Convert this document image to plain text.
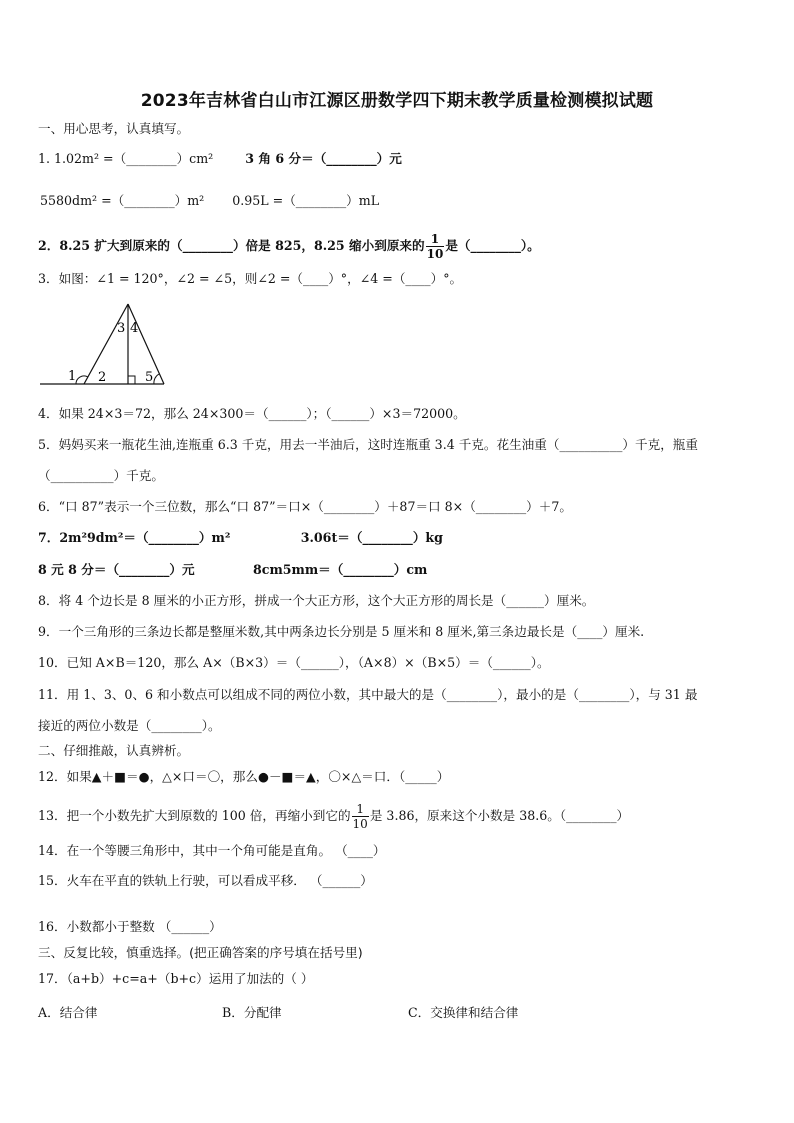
2023年吉林省白山市江源区册数学四下期末教学质量检测模拟试题
一、用心思考，认真填写。
1. 1.02m² =（________）cm²	3 角 6 分＝（________）元
5580dm² =（________）m² 0.95L =（________）mL
2．8.25 扩大到原来的（________）倍是 825，8.25 缩小到原来的 $\frac{1}{10}$ 是（________）。
3．如图：∠1 = 120°，∠2 = ∠5，则∠2 =（____）°，∠4 =（____）°。
1 2
3 4
5
4．如果 24×3＝72，那么 24×300＝（______）；（______）×3＝72000。
5．妈妈买来一瓶花生油,连瓶重 6.3 千克，用去一半油后，这时连瓶重 3.4 千克。花生油重（__________）千克，瓶重
（__________）千克。
6．“口 87”表示一个三位数，那么“口 87”＝口×（________）＋87＝口 8×（________）＋7。
7．2m²9dm²＝（________）m²	3.06t＝（________）kg
8 元 8 分＝（________）元	8cm5mm＝（________）cm
8．将 4 个边长是 8 厘米的小正方形，拼成一个大正方形，这个大正方形的周长是（______）厘米。
9．一个三角形的三条边长都是整厘米数,其中两条边长分别是 5 厘米和 8 厘米,第三条边最长是（____）厘米.
10．已知 A×B＝120，那么 A×（B×3）＝（______），（A×8）×（B×5）＝（______）。
11．用 1、3、0、6 和小数点可以组成不同的两位小数，其中最大的是（________），最小的是（________），与 31 最
接近的两位小数是（________）。
二、仔细推敲，认真辨析。
12．如果▲＋■＝●，△×口＝〇，那么●－■＝▲，〇×△＝口．（_____）
13．把一个小数先扩大到原数的 100 倍，再缩小到它的 $\frac{1}{10}$ 是 3.86，原来这个小数是 38.6。（________）
14．在一个等腰三角形中，其中一个角可能是直角。 （____）
15．火车在平直的铁轨上行驶，可以看成平移． （______）
16．小数都小于整数 （______）
三、反复比较，慎重选择。(把正确答案的序号填在括号里)
17．（a+b）+c=a+（b+c）运用了加法的（ ）
A．结合律	B．分配律	C．交换律和结合律
